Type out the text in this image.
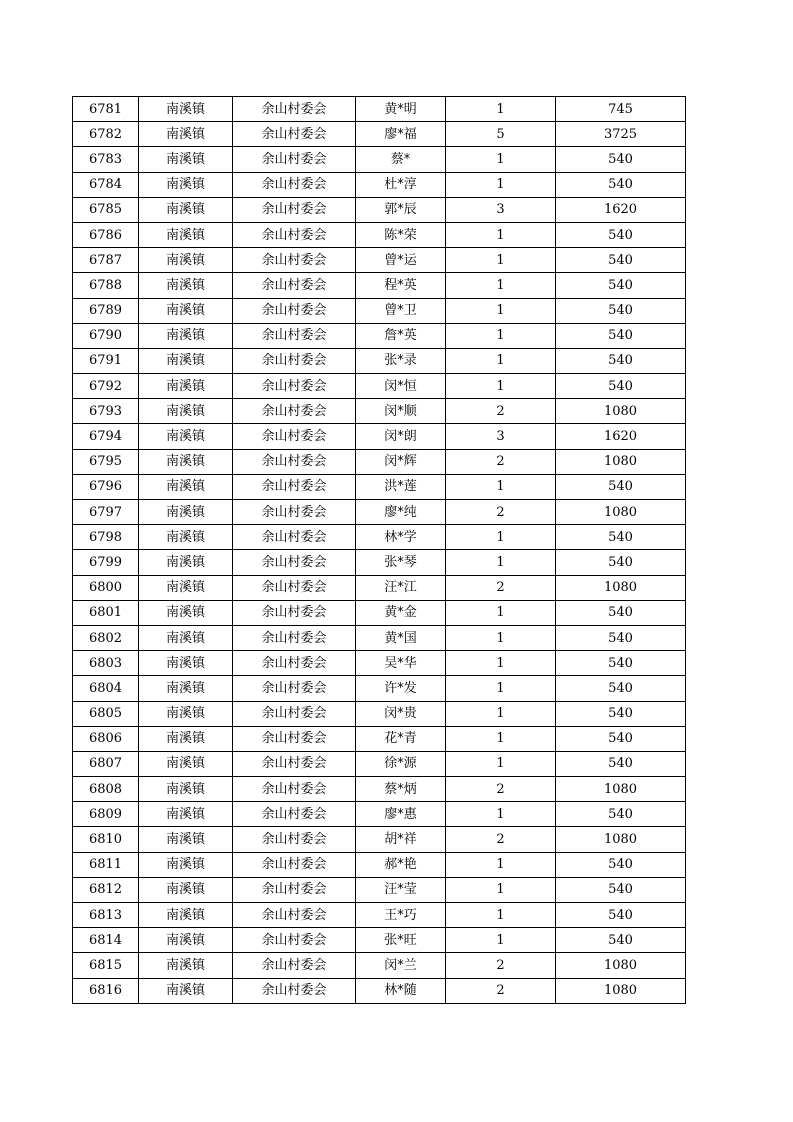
6781	南溪镇	余山村委会	黄*明	1	745
6782	南溪镇	余山村委会	廖*福	5	3725
6783	南溪镇	余山村委会	蔡*	1	540
6784	南溪镇	余山村委会	杜*淳	1	540
6785	南溪镇	余山村委会	郭*辰	3	1620
6786	南溪镇	余山村委会	陈*荣	1	540
6787	南溪镇	余山村委会	曾*运	1	540
6788	南溪镇	余山村委会	程*英	1	540
6789	南溪镇	余山村委会	曾*卫	1	540
6790	南溪镇	余山村委会	詹*英	1	540
6791	南溪镇	余山村委会	张*录	1	540
6792	南溪镇	余山村委会	闵*恒	1	540
6793	南溪镇	余山村委会	闵*顺	2	1080
6794	南溪镇	余山村委会	闵*朗	3	1620
6795	南溪镇	余山村委会	闵*辉	2	1080
6796	南溪镇	余山村委会	洪*莲	1	540
6797	南溪镇	余山村委会	廖*纯	2	1080
6798	南溪镇	余山村委会	林*学	1	540
6799	南溪镇	余山村委会	张*琴	1	540
6800	南溪镇	余山村委会	汪*江	2	1080
6801	南溪镇	余山村委会	黄*金	1	540
6802	南溪镇	余山村委会	黄*国	1	540
6803	南溪镇	余山村委会	吴*华	1	540
6804	南溪镇	余山村委会	许*发	1	540
6805	南溪镇	余山村委会	闵*贵	1	540
6806	南溪镇	余山村委会	花*青	1	540
6807	南溪镇	余山村委会	徐*源	1	540
6808	南溪镇	余山村委会	蔡*炳	2	1080
6809	南溪镇	余山村委会	廖*惠	1	540
6810	南溪镇	余山村委会	胡*祥	2	1080
6811	南溪镇	余山村委会	郝*艳	1	540
6812	南溪镇	余山村委会	汪*莹	1	540
6813	南溪镇	余山村委会	王*巧	1	540
6814	南溪镇	余山村委会	张*旺	1	540
6815	南溪镇	余山村委会	闵*兰	2	1080
6816	南溪镇	余山村委会	林*随	2	1080
